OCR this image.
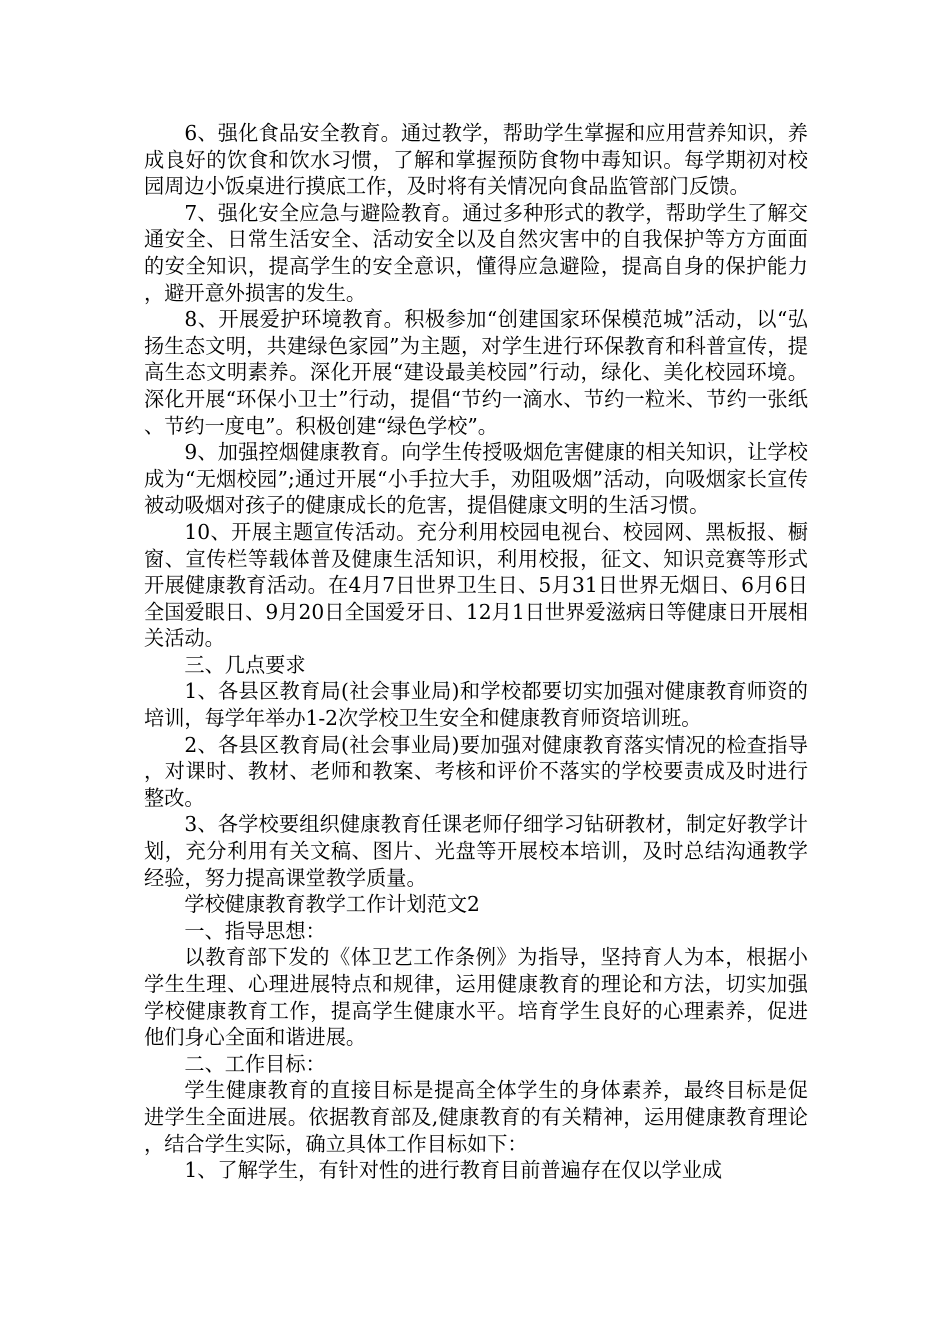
6、强化食品安全教育。通过教学，帮助学生掌握和应用营养知识，养成良好的饮食和饮水习惯，了解和掌握预防食物中毒知识。每学期初对校园周边小饭桌进行摸底工作，及时将有关情况向食品监管部门反馈。

7、强化安全应急与避险教育。通过多种形式的教学，帮助学生了解交通安全、日常生活安全、活动安全以及自然灾害中的自我保护等方方面面的安全知识，提高学生的安全意识，懂得应急避险，提高自身的保护能力，避开意外损害的发生。

8、开展爱护环境教育。积极参加“创建国家环保模范城”活动，以“弘扬生态文明，共建绿色家园”为主题，对学生进行环保教育和科普宣传，提高生态文明素养。深化开展“建设最美校园”行动，绿化、美化校园环境。深化开展“环保小卫士”行动，提倡“节约一滴水、节约一粒米、节约一张纸、节约一度电”。积极创建“绿色学校”。

9、加强控烟健康教育。向学生传授吸烟危害健康的相关知识，让学校成为“无烟校园”;通过开展“小手拉大手，劝阻吸烟”活动，向吸烟家长宣传被动吸烟对孩子的健康成长的危害，提倡健康文明的生活习惯。

10、开展主题宣传活动。充分利用校园电视台、校园网、黑板报、橱窗、宣传栏等载体普及健康生活知识，利用校报，征文、知识竞赛等形式开展健康教育活动。在4月7日世界卫生日、5月31日世界无烟日、6月6日全国爱眼日、9月20日全国爱牙日、12月1日世界爱滋病日等健康日开展相关活动。

三、几点要求

1、各县区教育局(社会事业局)和学校都要切实加强对健康教育师资的培训，每学年举办1-2次学校卫生安全和健康教育师资培训班。

2、各县区教育局(社会事业局)要加强对健康教育落实情况的检查指导，对课时、教材、老师和教案、考核和评价不落实的学校要责成及时进行整改。

3、各学校要组织健康教育任课老师仔细学习钻研教材，制定好教学计划，充分利用有关文稿、图片、光盘等开展校本培训，及时总结沟通教学经验，努力提高课堂教学质量。

学校健康教育教学工作计划范文2

一、指导思想：

以教育部下发的《体卫艺工作条例》为指导，坚持育人为本，根据小学生生理、心理进展特点和规律，运用健康教育的理论和方法，切实加强学校健康教育工作，提高学生健康水平。培育学生良好的心理素养，促进他们身心全面和谐进展。

二、工作目标：

学生健康教育的直接目标是提高全体学生的身体素养，最终目标是促进学生全面进展。依据教育部及,健康教育的有关精神，运用健康教育理论，结合学生实际，确立具体工作目标如下：

1、了解学生，有针对性的进行教育目前普遍存在仅以学业成
